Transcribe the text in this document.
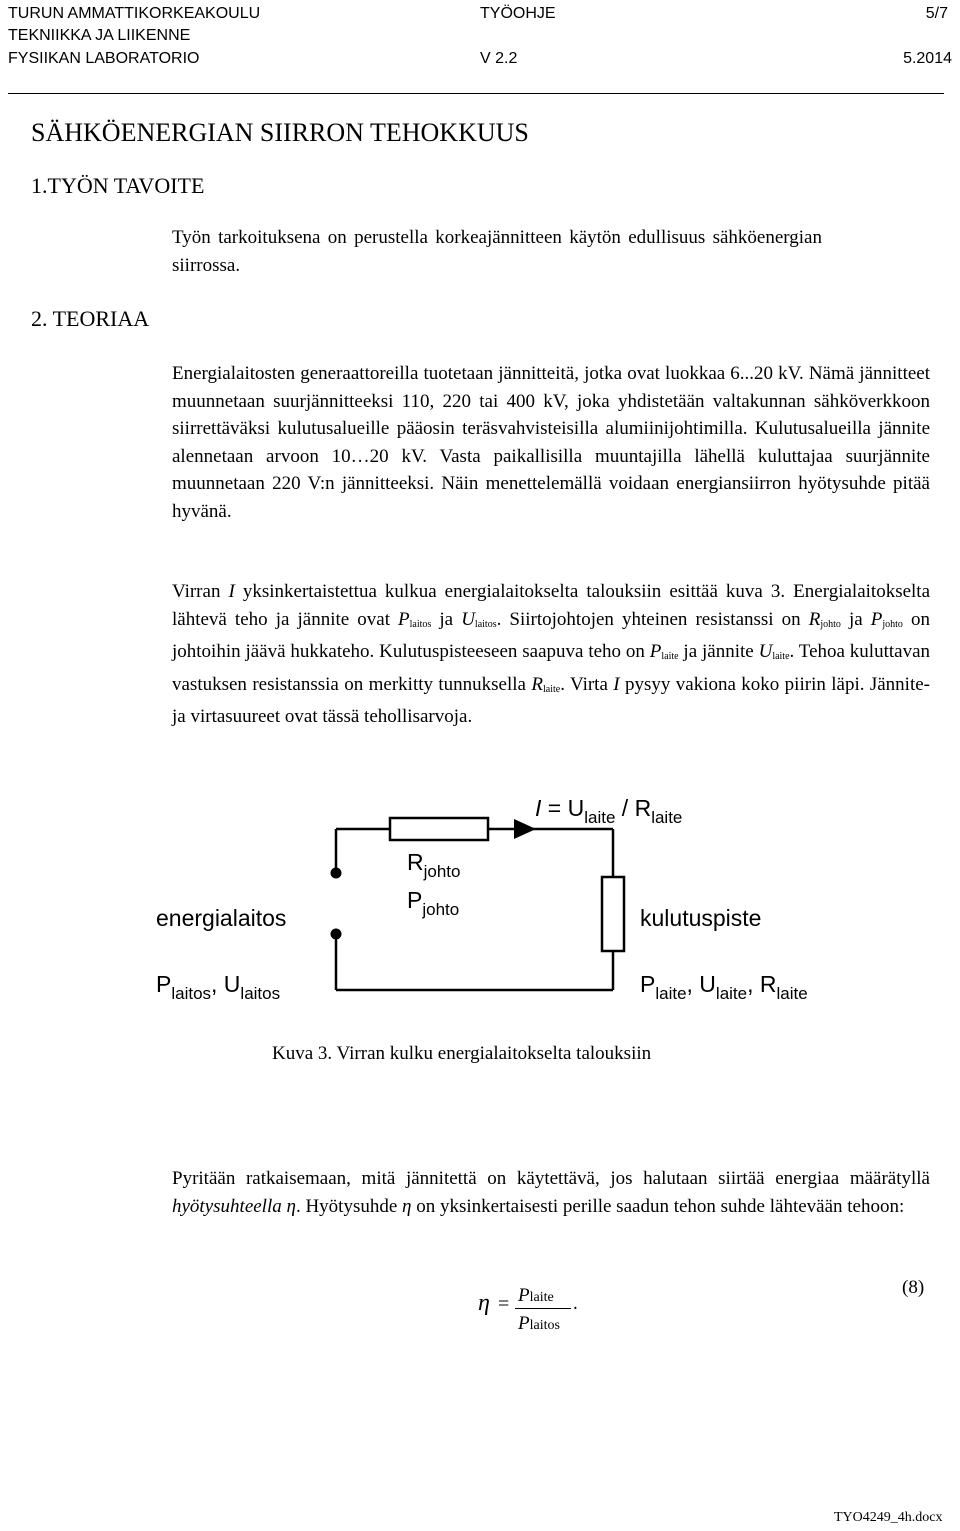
TURUN AMMATTIKORKEAKOULU
TEKNIIKKA JA LIIKENNE
FYSIIKAN LABORATORIO
TYÖOHJE
V 2.2
5/7
5.2014
SÄHKÖENERGIAN SIIRRON TEHOKKUUS
1.TYÖN TAVOITE

Työn tarkoituksena on perustella korkeajännitteen käytön edullisuus sähköenergian siirrossa.

2. TEORIAA

Energialaitosten generaattoreilla tuotetaan jännitteitä, jotka ovat luokkaa 6...20 kV. Nämä jännitteet muunnetaan suurjännitteeksi 110, 220 tai 400 kV, joka yhdistetään valtakunnan sähköverkkoon siirrettäväksi kulutusalueille pääosin teräsvahvisteisilla alumiinijohtimilla. Kulutusalueilla jännite alennetaan arvoon 10…20 kV. Vasta paikallisilla muuntajilla lähellä kuluttajaa suurjännite muunnetaan 220 V:n jännitteeksi. Näin menettelemällä voidaan energiansiirron hyötysuhde pitää hyvänä.

Virran I yksinkertaistettua kulkua energialaitokselta talouksiin esittää kuva 3. Energialaitokselta lähtevä teho ja jännite ovat $P_{laitos}$ ja $U_{laitos}$. Siirtojohtojen yhteinen resistanssi on $R_{johto}$ ja $P_{johto}$ on johtoihin jäävä hukkateho. Kulutuspisteeseen saapuva teho on $P_{laite}$ ja jännite $U_{laite}$. Tehoa kuluttavan vastuksen resistanssia on merkitty tunnuksella $R_{laite}$. Virta I pysyy vakiona koko piirin läpi. Jännite- ja virtasuureet ovat tässä tehollisarvoja.

$I = U_{laite} / R_{laite}$
$R_{johto}$
$P_{johto}$
energialaitos
$P_{laitos}$, $U_{laitos}$
kulutuspiste
$P_{laite}$, $U_{laite}$, $R_{laite}$
Kuva 3. Virran kulku energialaitokselta talouksiin

Pyritään ratkaisemaan, mitä jännitettä on käytettävä, jos halutaan siirtää energiaa määrätyllä hyötysuhteella η. Hyötysuhde η on yksinkertaisesti perille saadun tehon suhde lähtevään tehoon:

η = Plaite
Plaitos
.
(8)
TYO4249_4h.docx
